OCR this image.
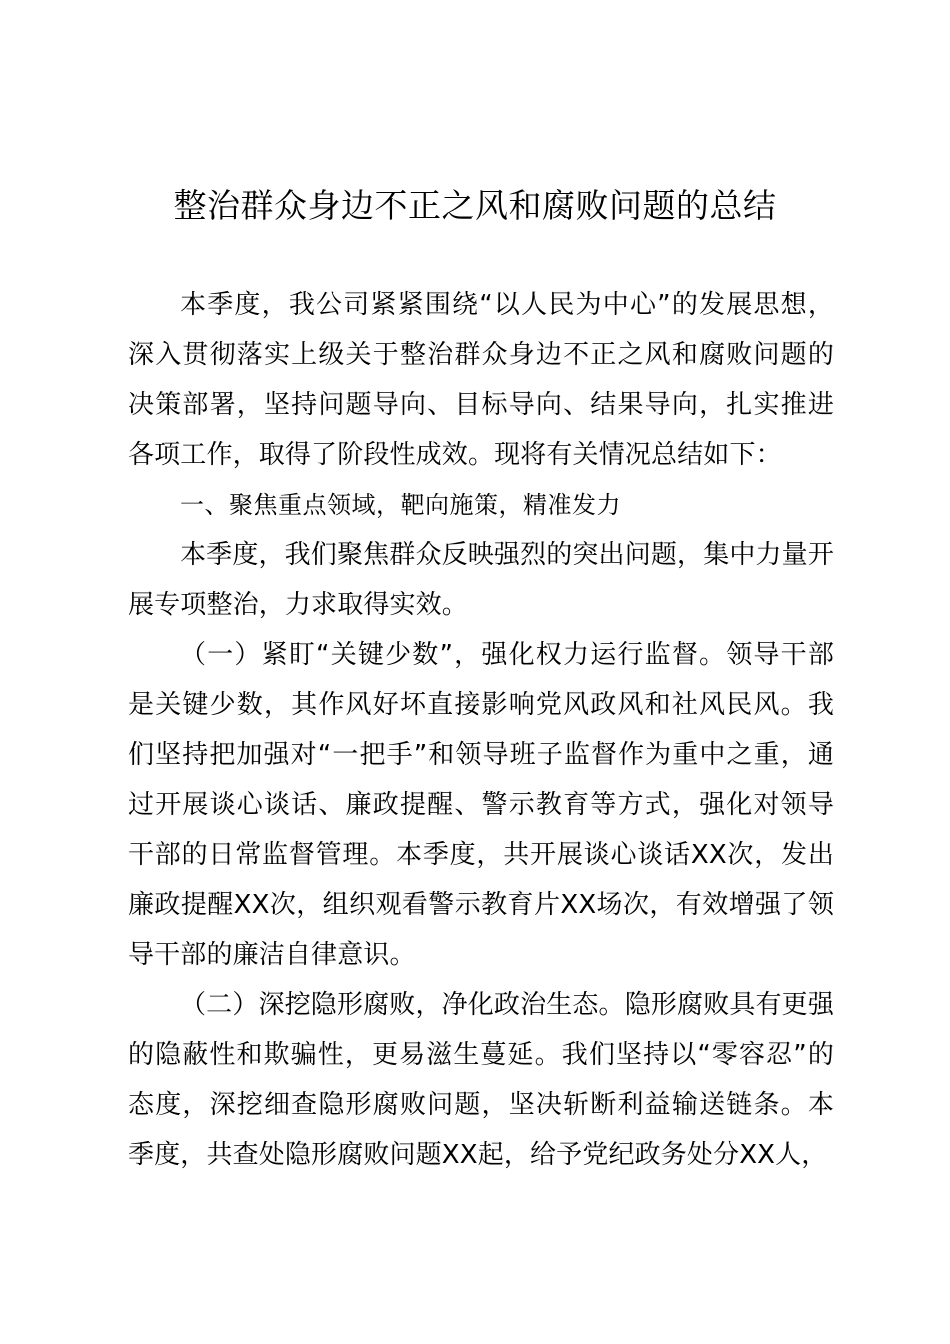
整治群众身边不正之风和腐败问题的总结

本季度，我公司紧紧围绕“以人民为中心”的发展思想，深入贯彻落实上级关于整治群众身边不正之风和腐败问题的决策部署，坚持问题导向、目标导向、结果导向，扎实推进各项工作，取得了阶段性成效。现将有关情况总结如下：

一、聚焦重点领域，靶向施策，精准发力

本季度，我们聚焦群众反映强烈的突出问题，集中力量开展专项整治，力求取得实效。

（一）紧盯“关键少数”，强化权力运行监督。领导干部是关键少数，其作风好坏直接影响党风政风和社风民风。我们坚持把加强对“一把手”和领导班子监督作为重中之重，通过开展谈心谈话、廉政提醒、警示教育等方式，强化对领导干部的日常监督管理。本季度，共开展谈心谈话XX次，发出廉政提醒XX次，组织观看警示教育片XX场次，有效增强了领导干部的廉洁自律意识。

（二）深挖隐形腐败，净化政治生态。隐形腐败具有更强的隐蔽性和欺骗性，更易滋生蔓延。我们坚持以“零容忍”的态度，深挖细查隐形腐败问题，坚决斩断利益输送链条。本季度，共查处隐形腐败问题XX起，给予党纪政务处分XX人，
